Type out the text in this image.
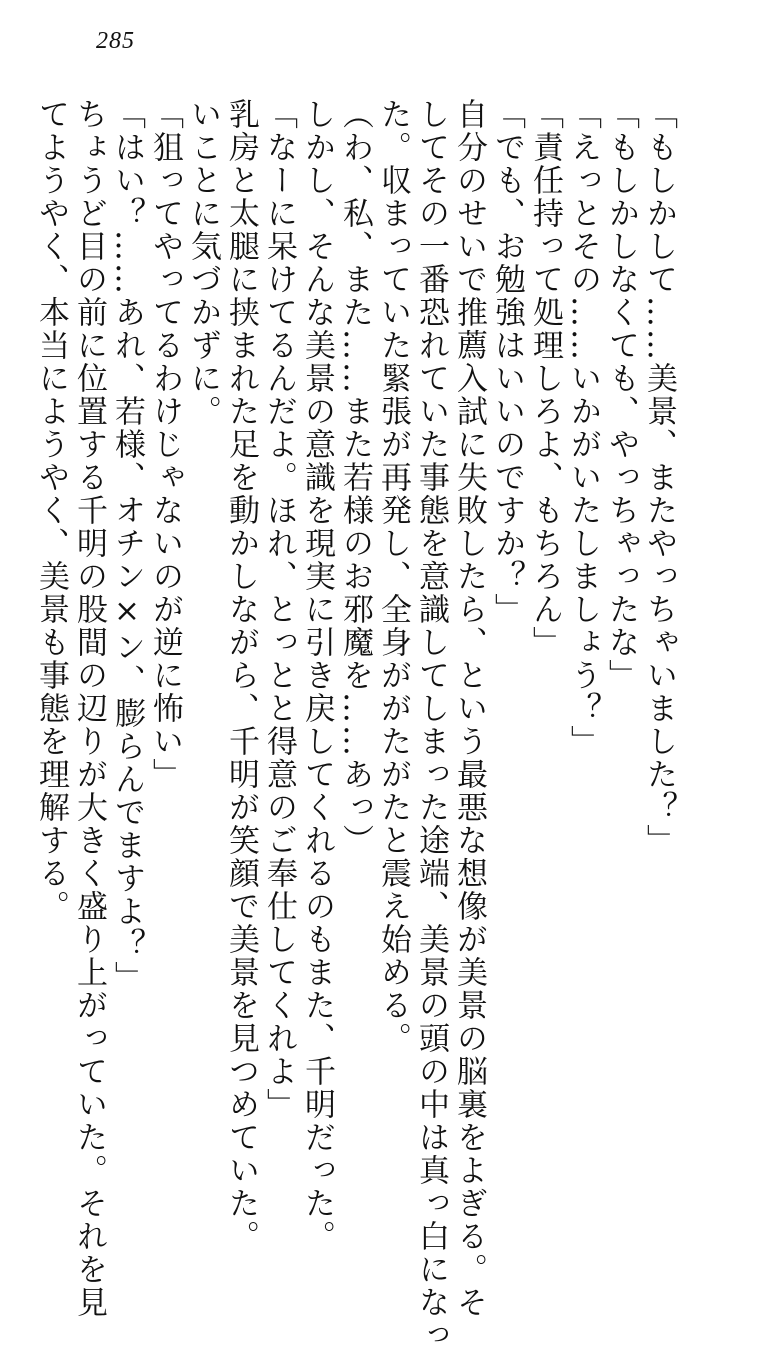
285
「もしかして……美景、またやっちゃいました？」
「もしかしなくても、やっちゃったな」
「えっとその……いかがいたしましょう？」
「責任持って処理しろよ、もちろん」
「でも、お勉強はいいのですか？」
自分のせいで推薦入試に失敗したら、という最悪な想像が美景の脳裏をよぎる。そ
してその一番恐れていた事態を意識してしまった途端、美景の頭の中は真っ白になっ
た。収まっていた緊張が再発し、全身ががたがたと震え始める。
（わ、私、また……また若様のお邪魔を……あっ）
しかし、そんな美景の意識を現実に引き戻してくれるのもまた、千明だった。
「なーに呆けてるんだよ。ほれ、とっとと得意のご奉仕してくれよ」
乳房と太腿に挟まれた足を動かしながら、千明が笑顔で美景を見つめていた。
いことに気づかずに。
「狙ってやってるわけじゃないのが逆に怖い」
「はい？……あれ、若様、オチン×ン、膨らんでますよ？」
ちょうど目の前に位置する千明の股間の辺りが大きく盛り上がっていた。それを見
てようやく、本当にようやく、美景も事態を理解する。
